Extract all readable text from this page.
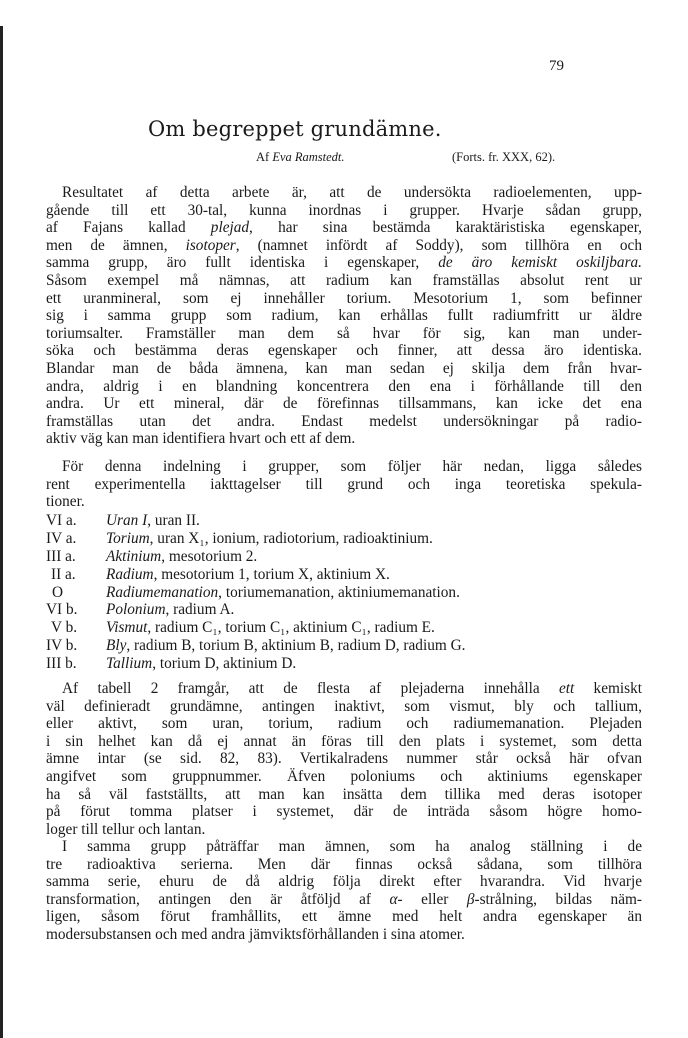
79
Om begreppet grundämne.
Af Eva Ramstedt.	(Forts. fr. XXX, 62).
Resultatet af detta arbete är, att de undersökta radioelementen, upp-
gående till ett 30-tal, kunna inordnas i grupper. Hvarje sådan grupp,
af Fajans kallad plejad, har sina bestämda karaktäristiska egenskaper,
men de ämnen, isotoper, (namnet infördt af Soddy), som tillhöra en och
samma grupp, äro fullt identiska i egenskaper, de äro kemiskt oskiljbara.
Såsom exempel må nämnas, att radium kan framställas absolut rent ur
ett uranmineral, som ej innehåller torium. Mesotorium 1, som befinner
sig i samma grupp som radium, kan erhållas fullt radiumfritt ur äldre
toriumsalter. Framställer man dem så hvar för sig, kan man under-
söka och bestämma deras egenskaper och finner, att dessa äro identiska.
Blandar man de båda ämnena, kan man sedan ej skilja dem från hvar-
andra, aldrig i en blandning koncentrera den ena i förhållande till den
andra. Ur ett mineral, där de förefinnas tillsammans, kan icke det ena
framställas utan det andra. Endast medelst undersökningar på radio-
aktiv väg kan man identifiera hvart och ett af dem.
För denna indelning i grupper, som följer här nedan, ligga således
rent experimentella iakttagelser till grund och inga teoretiska spekula-
tioner.
VI a.	Uran I, uran II.
IV a.	Torium, uran X₁, ionium, radiotorium, radioaktinium.
III a.	Aktinium, mesotorium 2.
II a.	Radium, mesotorium 1, torium X, aktinium X.
O	Radiumemanation, toriumemanation, aktiniumemanation.
VI b.	Polonium, radium A.
V b.	Vismut, radium C₁, torium C₁, aktinium C₁, radium E.
IV b.	Bly, radium B, torium B, aktinium B, radium D, radium G.
III b.	Tallium, torium D, aktinium D.
Af tabell 2 framgår, att de flesta af plejaderna innehålla ett kemiskt
väl definieradt grundämne, antingen inaktivt, som vismut, bly och tallium,
eller aktivt, som uran, torium, radium och radiumemanation. Plejaden
i sin helhet kan då ej annat än föras till den plats i systemet, som detta
ämne intar (se sid. 82, 83). Vertikalradens nummer står också här ofvan
angifvet som gruppnummer. Äfven poloniums och aktiniums egenskaper
ha så väl fastställts, att man kan insätta dem tillika med deras isotoper
på förut tomma platser i systemet, där de inträda såsom högre homo-
loger till tellur och lantan.
I samma grupp påträffar man ämnen, som ha analog ställning i de
tre radioaktiva serierna. Men där finnas också sådana, som tillhöra
samma serie, ehuru de då aldrig följa direkt efter hvarandra. Vid hvarje
transformation, antingen den är åtföljd af α- eller β-strålning, bildas näm-
ligen, såsom förut framhållits, ett ämne med helt andra egenskaper än
modersubstansen och med andra jämviktsförhållanden i sina atomer.
